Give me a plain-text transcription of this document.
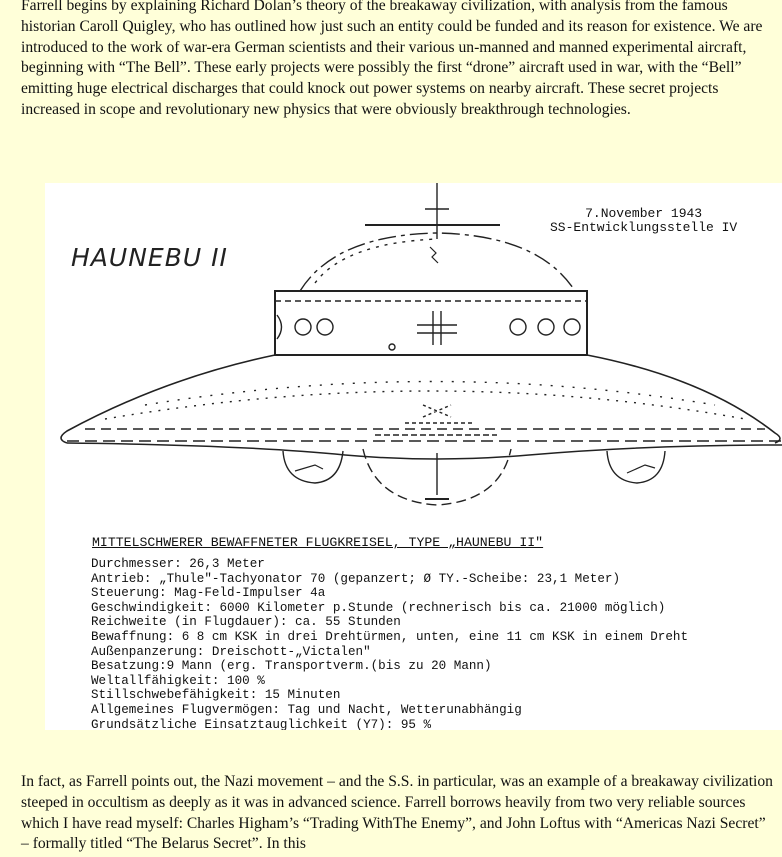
Farrell begins by explaining Richard Dolan’s theory of the breakaway civilization, with analysis from the famous historian Caroll Quigley, who has outlined how just such an entity could be funded and its reason for existence. We are introduced to the work of war-era German scientists and their various un-manned and manned experimental aircraft, beginning with “The Bell”. These early projects were possibly the first “drone” aircraft used in war, with the “Bell” emitting huge electrical discharges that could knock out power systems on nearby aircraft. These secret projects increased in scope and revolutionary new physics that were obviously breakthrough technologies.

HAUNEBU II
7.November 1943
SS-Entwicklungsstelle IV
MITTELSCHWERER BEWAFFNETER FLUGKREISEL, TYPE „HAUNEBU II"
Durchmesser: 26,3 Meter
Antrieb: „Thule"-Tachyonator 70 (gepanzert; Ø TY.-Scheibe: 23,1 Meter)
Steuerung: Mag-Feld-Impulser 4a
Geschwindigkeit: 6000 Kilometer p.Stunde (rechnerisch bis ca. 21000 möglich)
Reichweite (in Flugdauer): ca. 55 Stunden
Bewaffnung: 6 8 cm KSK in drei Drehtürmen, unten, eine 11 cm KSK in einem Dreht
Außenpanzerung: Dreischott-„Victalen"
Besatzung:9 Mann (erg. Transportverm.(bis zu 20 Mann)
Weltallfähigkeit: 100 %
Stillschwebefähigkeit: 15 Minuten
Allgemeines Flugvermögen: Tag und Nacht, Wetterunabhängig
Grundsätzliche Einsatztauglichkeit (Y7): 95 %

In fact, as Farrell points out, the Nazi movement – and the S.S. in particular, was an example of a breakaway civilization steeped in occultism as deeply as it was in advanced science. Farrell borrows heavily from two very reliable sources which I have read myself: Charles Higham’s “Trading WithThe Enemy”, and John Loftus with “Americas Nazi Secret” – formally titled “The Belarus Secret”. In this
